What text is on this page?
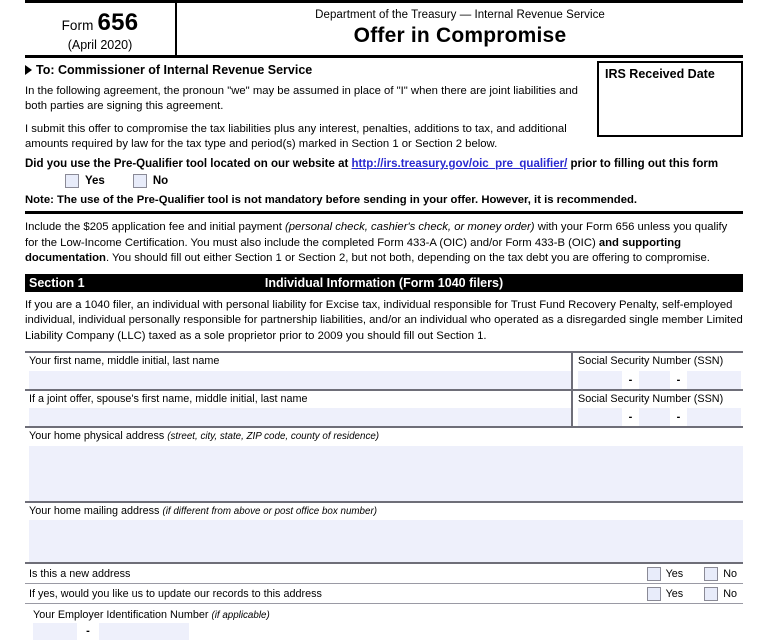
Form 656
(April 2020)
Department of the Treasury — Internal Revenue Service
Offer in Compromise
To: Commissioner of Internal Revenue Service
In the following agreement, the pronoun "we" may be assumed in place of "I" when there are joint liabilities and both parties are signing this agreement.
I submit this offer to compromise the tax liabilities plus any interest, penalties, additions to tax, and additional amounts required by law for the tax type and period(s) marked in Section 1 or Section 2 below.
IRS Received Date
Did you use the Pre-Qualifier tool located on our website at http://irs.treasury.gov/oic_pre_qualifier/ prior to filling out this form
Yes	No
Note: The use of the Pre-Qualifier tool is not mandatory before sending in your offer. However, it is recommended.
Include the $205 application fee and initial payment (personal check, cashier's check, or money order) with your Form 656 unless you qualify for the Low-Income Certification. You must also include the completed Form 433-A (OIC) and/or Form 433-B (OIC) and supporting documentation. You should fill out either Section 1 or Section 2, but not both, depending on the tax debt you are offering to compromise.
Section 1	Individual Information (Form 1040 filers)
If you are a 1040 filer, an individual with personal liability for Excise tax, individual responsible for Trust Fund Recovery Penalty, self-employed individual, individual personally responsible for partnership liabilities, and/or an individual who operated as a disregarded single member Limited Liability Company (LLC) taxed as a sole proprietor prior to 2009 you should fill out Section 1.
Your first name, middle initial, last name	Social Security Number (SSN)
-	-
If a joint offer, spouse's first name, middle initial, last name	Social Security Number (SSN)
-	-
Your home physical address (street, city, state, ZIP code, county of residence)
Your home mailing address (if different from above or post office box number)
Is this a new address	Yes	No
If yes, would you like us to update our records to this address	Yes	No
Your Employer Identification Number (if applicable)
-
